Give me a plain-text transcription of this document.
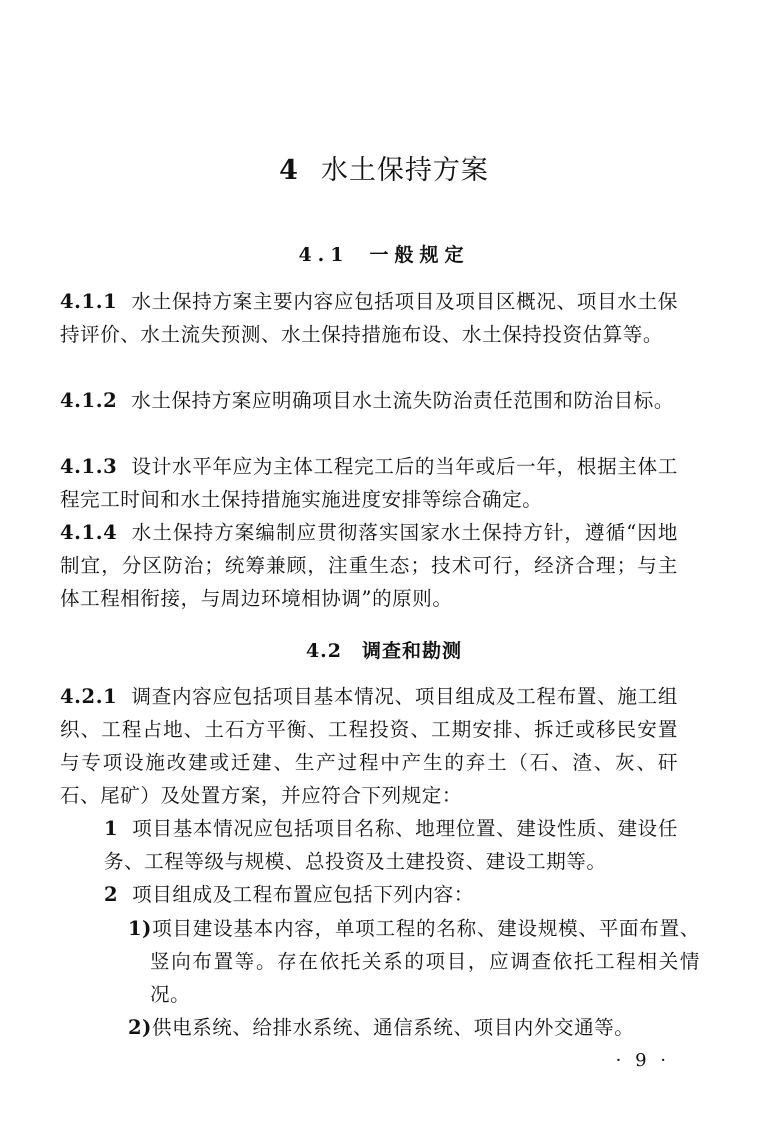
4 水土保持方案
4.1 一般规定
4.1.1 水土保持方案主要内容应包括项目及项目区概况、项目水土保持评价、水土流失预测、水土保持措施布设、水土保持投资估算等。
4.1.2 水土保持方案应明确项目水土流失防治责任范围和防治目标。
4.1.3 设计水平年应为主体工程完工后的当年或后一年，根据主体工程完工时间和水土保持措施实施进度安排等综合确定。
4.1.4 水土保持方案编制应贯彻落实国家水土保持方针，遵循“因地制宜，分区防治；统筹兼顾，注重生态；技术可行，经济合理；与主体工程相衔接，与周边环境相协调”的原则。
4.2 调查和勘测
4.2.1 调查内容应包括项目基本情况、项目组成及工程布置、施工组织、工程占地、土石方平衡、工程投资、工期安排、拆迁或移民安置与专项设施改建或迁建、生产过程中产生的弃土（石、渣、灰、矸石、尾矿）及处置方案，并应符合下列规定：
1 项目基本情况应包括项目名称、地理位置、建设性质、建设任务、工程等级与规模、总投资及土建投资、建设工期等。
2 项目组成及工程布置应包括下列内容：
1)项目建设基本内容，单项工程的名称、建设规模、平面布置、竖向布置等。存在依托关系的项目，应调查依托工程相关情况。
2)供电系统、给排水系统、通信系统、项目内外交通等。
· 9 ·
